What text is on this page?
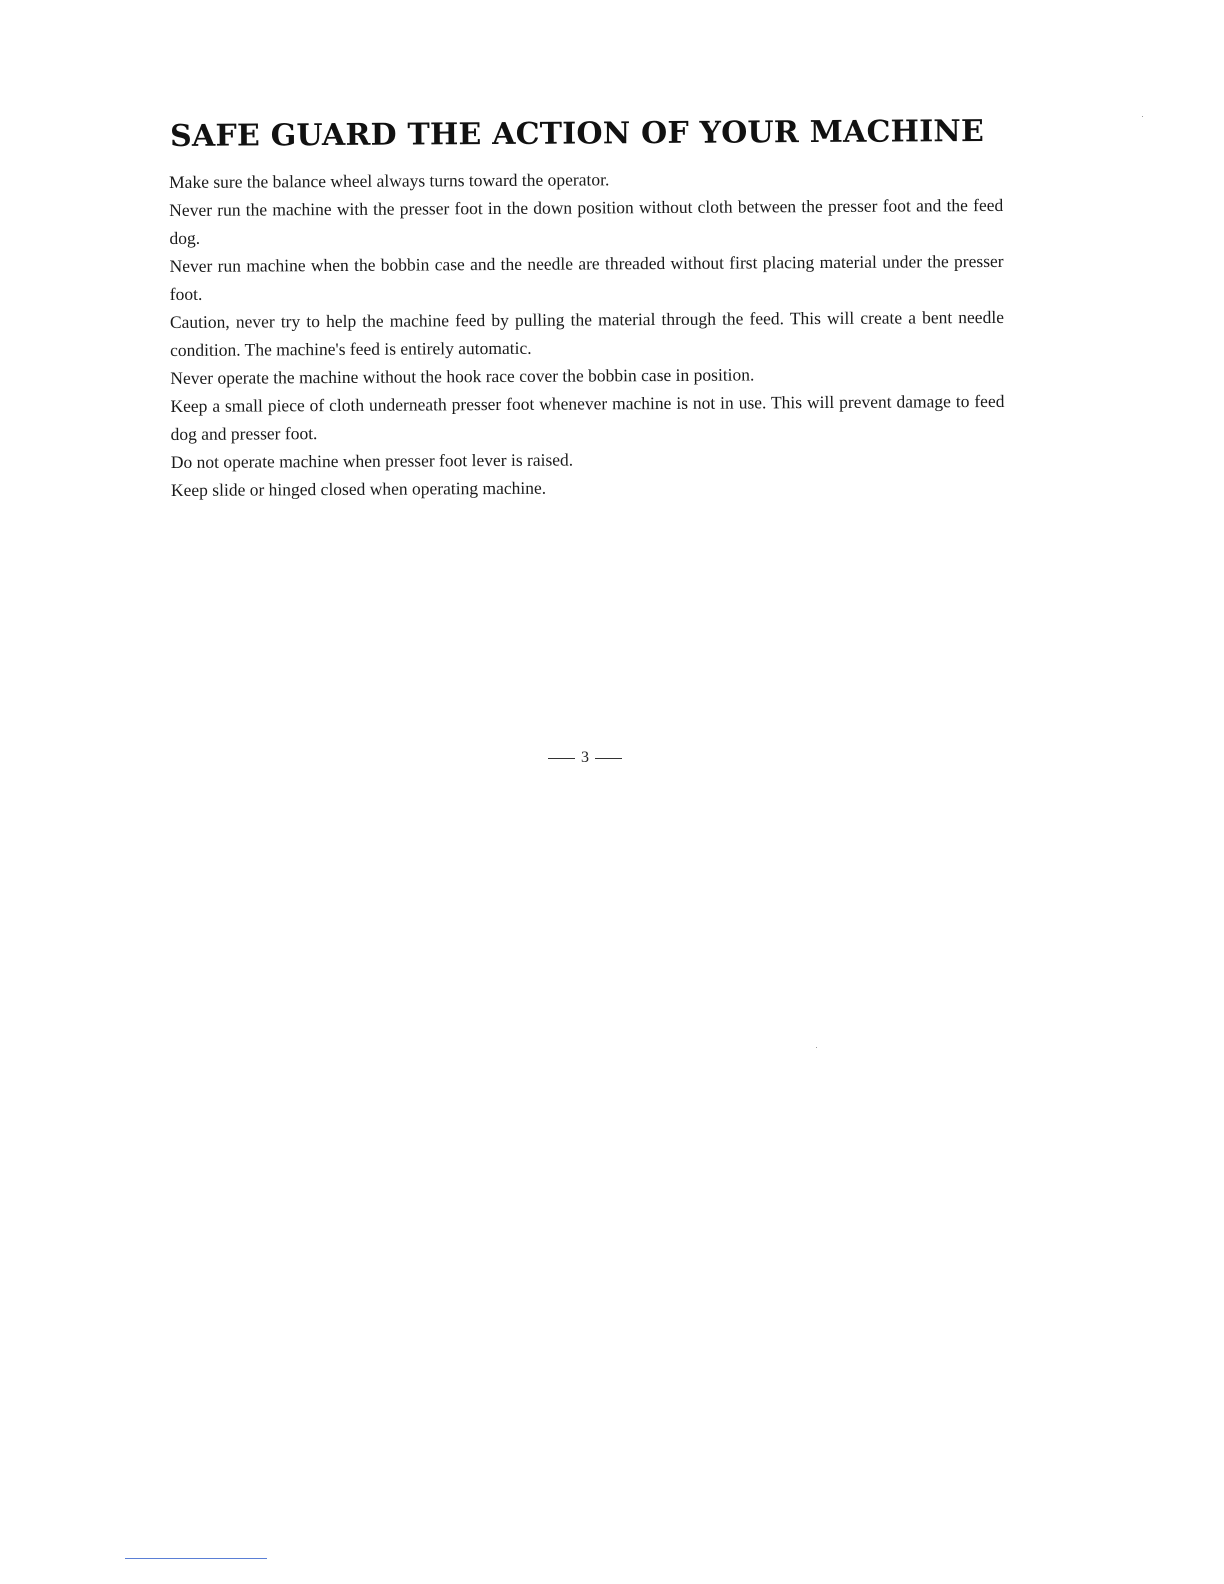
SAFE GUARD THE ACTION OF YOUR MACHINE

Make sure the balance wheel always turns toward the operator.

Never run the machine with the presser foot in the down position without cloth between the presser foot and the feed dog.

Never run machine when the bobbin case and the needle are threaded without first placing material under the presser foot.

Caution, never try to help the machine feed by pulling the material through the feed. This will create a bent needle condition. The machine's feed is entirely automatic.

Never operate the machine without the hook race cover the bobbin case in position.

Keep a small piece of cloth underneath presser foot whenever machine is not in use. This will prevent damage to feed dog and presser foot.

Do not operate machine when presser foot lever is raised.

Keep slide or hinged closed when operating machine.

3
